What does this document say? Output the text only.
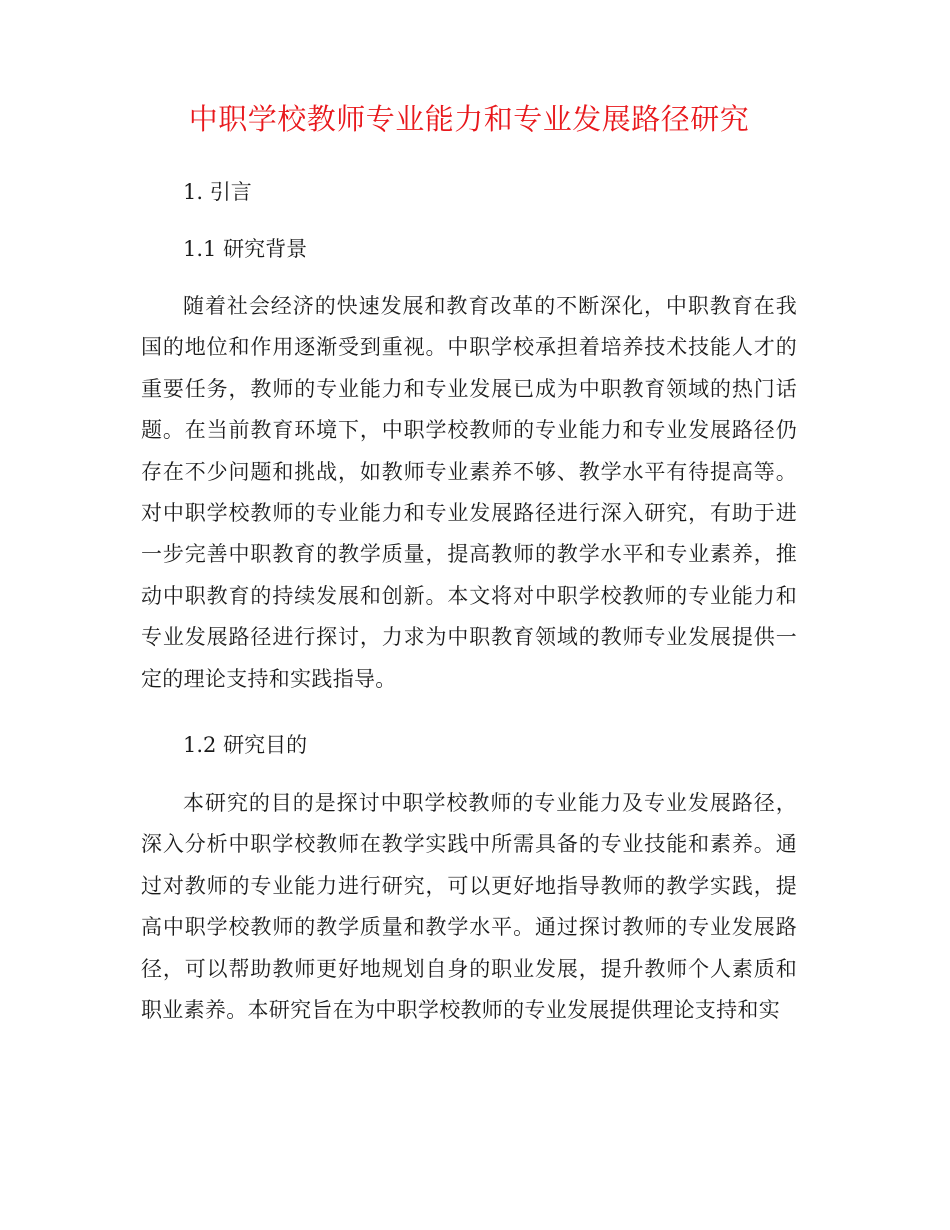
中职学校教师专业能力和专业发展路径研究

1. 引言

1.1 研究背景

随着社会经济的快速发展和教育改革的不断深化，中职教育在我国的地位和作用逐渐受到重视。中职学校承担着培养技术技能人才的重要任务，教师的专业能力和专业发展已成为中职教育领域的热门话题。在当前教育环境下，中职学校教师的专业能力和专业发展路径仍存在不少问题和挑战，如教师专业素养不够、教学水平有待提高等。对中职学校教师的专业能力和专业发展路径进行深入研究，有助于进一步完善中职教育的教学质量，提高教师的教学水平和专业素养，推动中职教育的持续发展和创新。本文将对中职学校教师的专业能力和专业发展路径进行探讨，力求为中职教育领域的教师专业发展提供一定的理论支持和实践指导。

1.2 研究目的

本研究的目的是探讨中职学校教师的专业能力及专业发展路径，深入分析中职学校教师在教学实践中所需具备的专业技能和素养。通过对教师的专业能力进行研究，可以更好地指导教师的教学实践，提高中职学校教师的教学质量和教学水平。通过探讨教师的专业发展路径，可以帮助教师更好地规划自身的职业发展，提升教师个人素质和职业素养。本研究旨在为中职学校教师的专业发展提供理论支持和实
